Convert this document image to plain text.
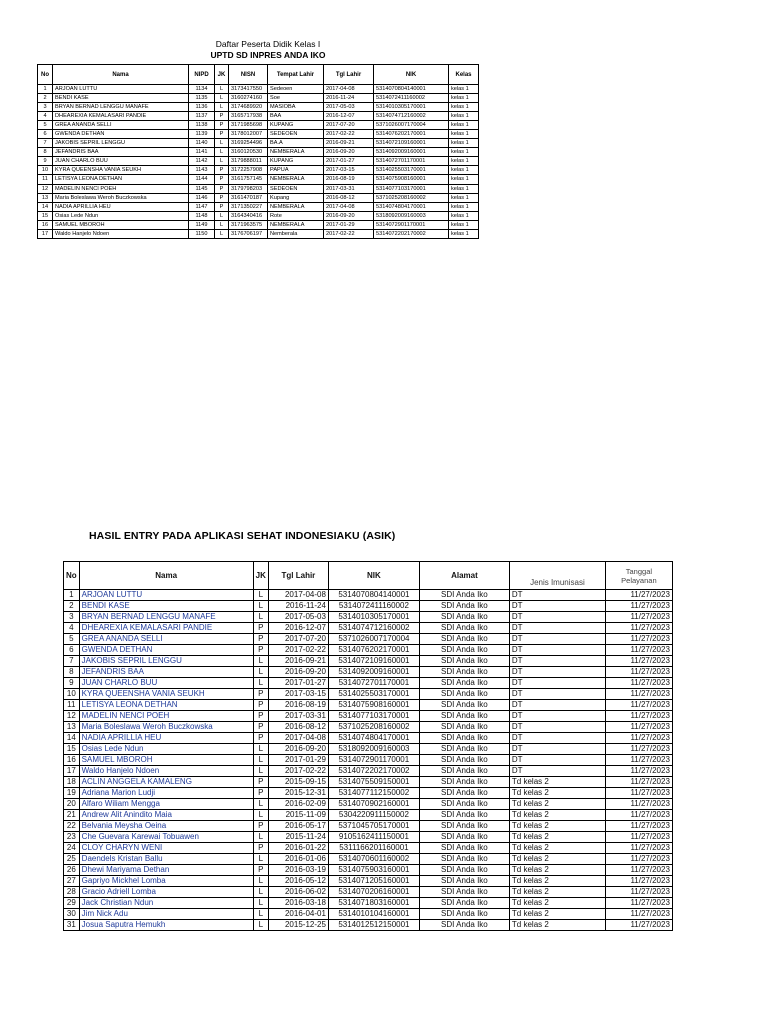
Daftar Peserta Didik Kelas I
UPTD SD INPRES ANDA IKO
No	Nama	NIPD	JK	NISN	Tempat Lahir	Tgl Lahir	NIK	Kelas
1	ARJOAN LUTTU	1134	L	3173417550	Sedeoen	2017-04-08	5314070804140001	kelas 1
2	BENDI KASE	1135	L	3160274160	Soe	2016-11-24	5314072411160002	kelas 1
3	BRYAN BERNAD LENGGU MANAFE	1136	L	3174689920	MASIOBA	2017-05-03	5314010305170001	kelas 1
4	DHEAREXIA KEMALASARI PANDIE	1137	P	3165717938	BAA	2016-12-07	5314074712160002	kelas 1
5	GREA ANANDA SELLI	1138	P	3171985698	KUPANG	2017-07-20	5371026007170004	kelas 1
6	GWENDA DETHAN	1139	P	3178012007	SEDEOEN	2017-02-22	5314076202170001	kelas 1
7	JAKOBIS SEPRIL LENGGU	1140	L	3169254496	BA.A	2016-09-21	5314072109160001	kelas 1
8	JEFANDRIS BAA	1141	L	3160120530	NEMBERALA	2016-09-20	5314092009160001	kelas 1
9	JUAN CHARLO BUU	1142	L	3179888011	KUPANG	2017-01-27	5314072701170001	kelas 1
10	KYRA QUEENSHA VANIA SEUKH	1143	P	3172257908	PAPUA	2017-03-15	5314025503170001	kelas 1
11	LETISYA LEONA DETHAN	1144	P	3161757145	NEMBERALA	2016-08-19	5314075908160001	kelas 1
12	MADELIN NENCI POEH	1145	P	3179798203	SEDEOEN	2017-03-31	5314077103170001	kelas 1
13	Maria Boleslawa Weroh Buczkowska	1146	P	3161470187	Kupang	2016-08-12	5371025208160002	kelas 1
14	NADIA APRILLIA HEU	1147	P	3171350227	NEMBERALA	2017-04-08	5314074804170001	kelas 1
15	Osias Lede Ndun	1148	L	3164340416	Rote	2016-09-20	5318092009160003	kelas 1
16	SAMUEL MBOROH	1149	L	3171963575	NEMBERALA	2017-01-29	5314072901170001	kelas 1
17	Waldo Hanjelo Ndoen	1150	L	3176706197	Nemberala	2017-02-22	5314072202170002	kelas 1
HASIL ENTRY PADA APLIKASI SEHAT INDONESIAKU (ASIK)
No	Nama	JK	Tgl Lahir	NIK	Alamat	Jenis Imunisasi	Tanggal
Pelayanan

1	ARJOAN LUTTU	L	2017-04-08	5314070804140001	SDI Anda Iko	DT	11/27/2023
2	BENDI KASE	L	2016-11-24	5314072411160002	SDI Anda Iko	DT	11/27/2023
3	BRYAN BERNAD LENGGU MANAFE	L	2017-05-03	5314010305170001	SDI Anda Iko	DT	11/27/2023
4	DHEAREXIA KEMALASARI PANDIE	P	2016-12-07	5314074712160002	SDI Anda Iko	DT	11/27/2023
5	GREA ANANDA SELLI	P	2017-07-20	5371026007170004	SDI Anda Iko	DT	11/27/2023
6	GWENDA DETHAN	P	2017-02-22	5314076202170001	SDI Anda Iko	DT	11/27/2023
7	JAKOBIS SEPRIL LENGGU	L	2016-09-21	5314072109160001	SDI Anda Iko	DT	11/27/2023
8	JEFANDRIS BAA	L	2016-09-20	5314092009160001	SDI Anda Iko	DT	11/27/2023
9	JUAN CHARLO BUU	L	2017-01-27	5314072701170001	SDI Anda Iko	DT	11/27/2023
10	KYRA QUEENSHA VANIA SEUKH	P	2017-03-15	5314025503170001	SDI Anda Iko	DT	11/27/2023
11	LETISYA LEONA DETHAN	P	2016-08-19	5314075908160001	SDI Anda Iko	DT	11/27/2023
12	MADELIN NENCI POEH	P	2017-03-31	5314077103170001	SDI Anda Iko	DT	11/27/2023
13	Maria Boleslawa Weroh Buczkowska	P	2016-08-12	5371025208160002	SDI Anda Iko	DT	11/27/2023
14	NADIA APRILLIA HEU	P	2017-04-08	5314074804170001	SDI Anda Iko	DT	11/27/2023
15	Osias Lede Ndun	L	2016-09-20	5318092009160003	SDI Anda Iko	DT	11/27/2023
16	SAMUEL MBOROH	L	2017-01-29	5314072901170001	SDI Anda Iko	DT	11/27/2023
17	Waldo Hanjelo Ndoen	L	2017-02-22	5314072202170002	SDI Anda Iko	DT	11/27/2023
18	ACLIN ANGGELA KAMALENG	P	2015-09-15	5314075509150001	SDI Anda Iko	Td kelas 2	11/27/2023
19	Adriana Marion Ludji	P	2015-12-31	5314077112150002	SDI Anda Iko	Td kelas 2	11/27/2023
20	Alfaro Wiliam Mengga	L	2016-02-09	5314070902160001	SDI Anda Iko	Td kelas 2	11/27/2023
21	Andrew Alit Anindito Maia	L	2015-11-09	5304220911150002	SDI Anda Iko	Td kelas 2	11/27/2023
22	Belvania Meysha Oeina	P	2016-05-17	5371045705170001	SDI Anda Iko	Td kelas 2	11/27/2023
23	Che Guevara Karewai Tobuawen	L	2015-11-24	9105162411150001	SDI Anda Iko	Td kelas 2	11/27/2023
24	CLOY CHARYN WENI	P	2016-01-22	5311166201160001	SDI Anda Iko	Td kelas 2	11/27/2023
25	Daendels Kristan Ballu	L	2016-01-06	5314070601160002	SDI Anda Iko	Td kelas 2	11/27/2023
26	Dhewi Mariyama Dethan	P	2016-03-19	5314075903160001	SDI Anda Iko	Td kelas 2	11/27/2023
27	Gapriyo Mickhel Lomba	L	2016-05-12	5314071205160001	SDI Anda Iko	Td kelas 2	11/27/2023
28	Gracio Adriell Lomba	L	2016-06-02	5314070206160001	SDI Anda Iko	Td kelas 2	11/27/2023
29	Jack Christian Ndun	L	2016-03-18	5314071803160001	SDI Anda Iko	Td kelas 2	11/27/2023
30	Jim Nick Adu	L	2016-04-01	5314010104160001	SDI Anda Iko	Td kelas 2	11/27/2023
31	Josua Saputra Hemukh	L	2015-12-25	5314012512150001	SDI Anda Iko	Td kelas 2	11/27/2023
